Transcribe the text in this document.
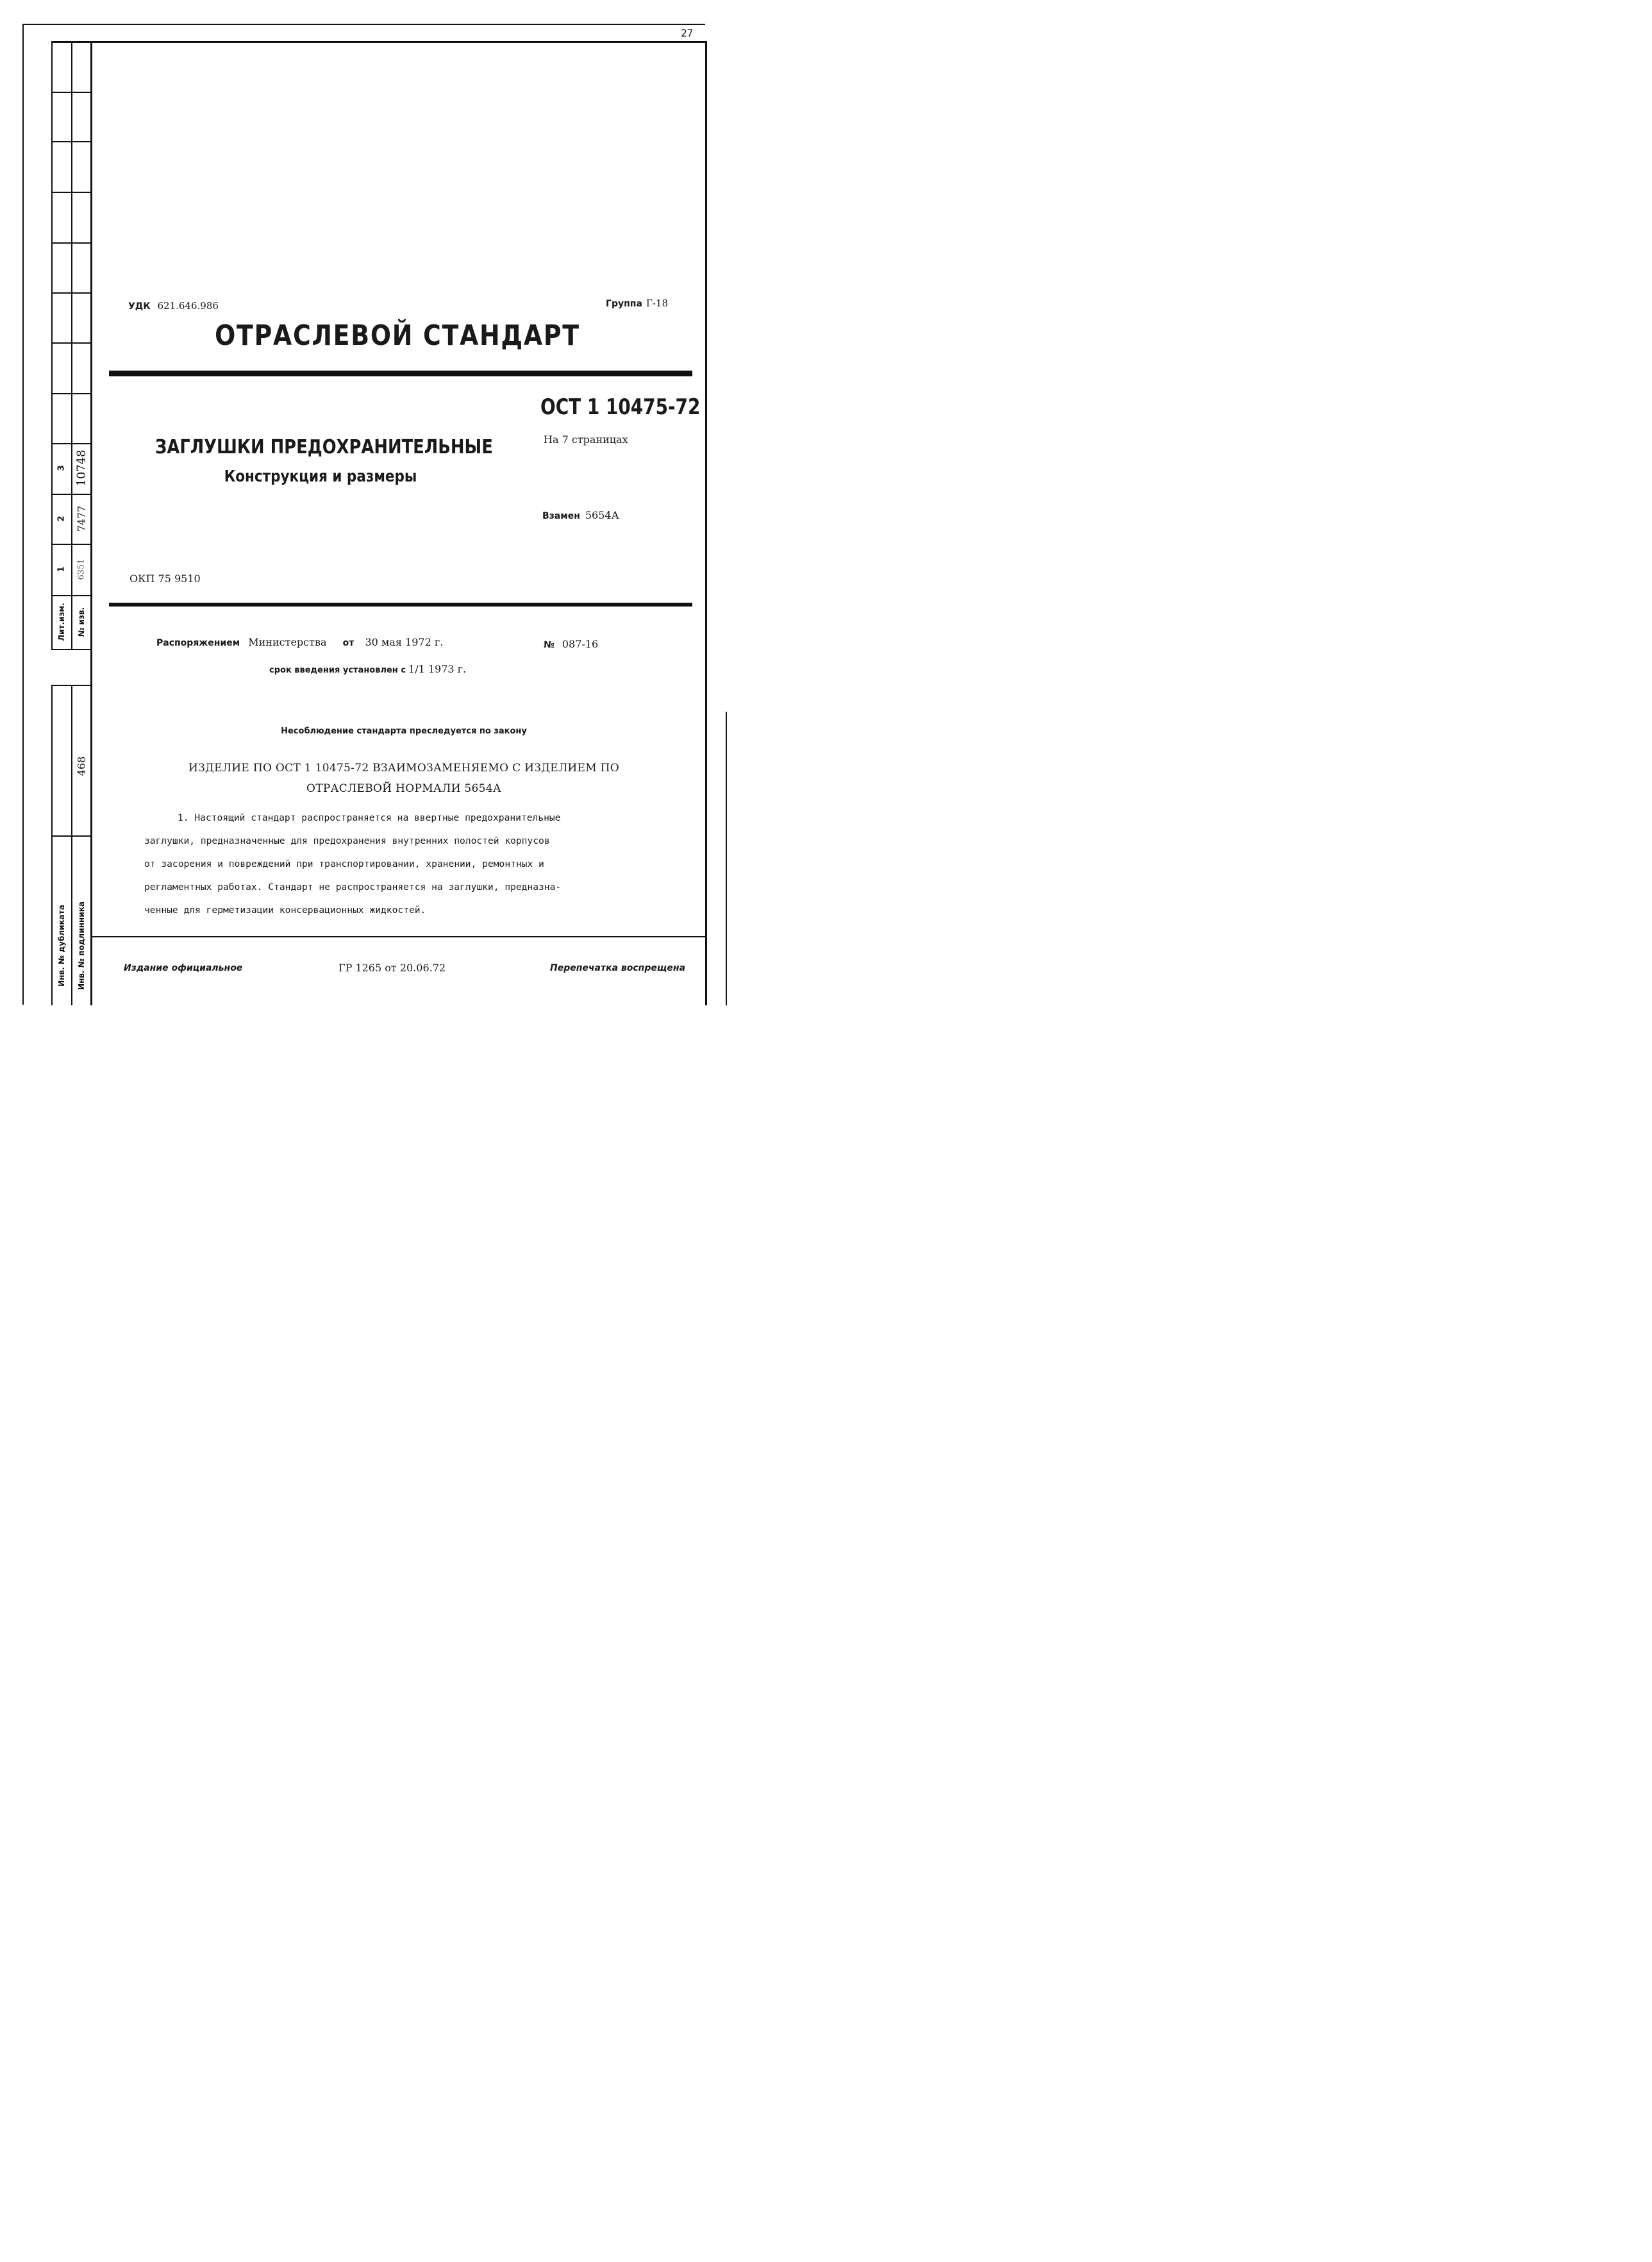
3 10748
2 7477
1 6351
Лит.изм. № изв.
468
Инв. № дубликата Инв. № подлинника
27
УДК 621.646.986	Группа Г-18
ОТРАСЛЕВОЙ СТАНДАРТ
ОСТ 1 10475-72
На 7 страницах
ЗАГЛУШКИ ПРЕДОХРАНИТЕЛЬНЫЕ
Конструкция и размеры
Взамен 5654А
ОКП 75 9510
Распоряжением Министерства от 30 мая 1972 г.	№ 087-16
срок введения установлен с 1/1 1973 г.
Несоблюдение стандарта преследуется по закону
ИЗДЕЛИЕ ПО ОСТ 1 10475-72 ВЗАИМОЗАМЕНЯЕМО С ИЗДЕЛИЕМ ПО
ОТРАСЛЕВОЙ НОРМАЛИ 5654А
1. Настоящий стандарт распространяется на ввертные предохранительные
заглушки, предназначенные для предохранения внутренних полостей корпусов
от засорения и повреждений при транспортировании, хранении, ремонтных и
регламентных работах. Стандарт не распространяется на заглушки, предназна-
ченные для герметизации консервационных жидкостей.
Издание официальное	ГР 1265 от 20.06.72	Перепечатка воспрещена
